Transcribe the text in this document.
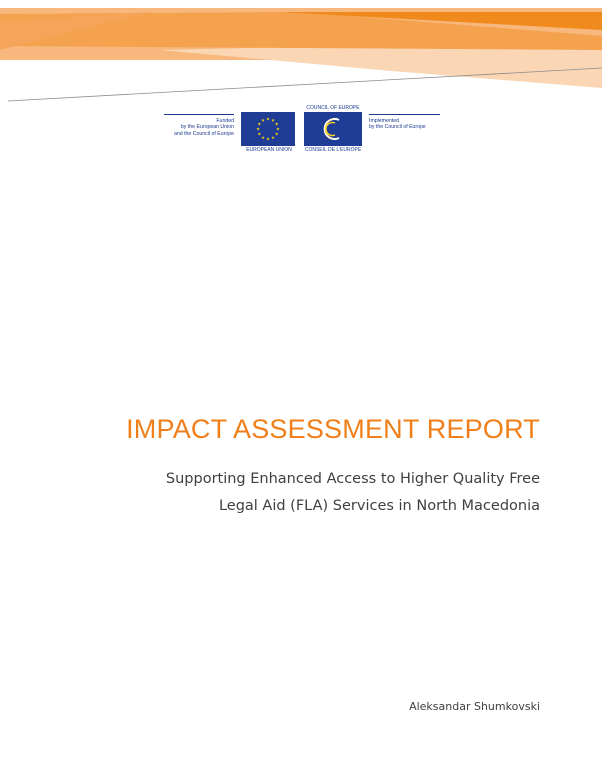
Funded
by the European Union
and the Council of Europe
EUROPEAN UNION
COUNCIL OF EUROPE
CONSEIL DE L'EUROPE
Implemented
by the Council of Europe
IMPACT ASSESSMENT REPORT
Supporting Enhanced Access to Higher Quality Free
Legal Aid (FLA) Services in North Macedonia
Aleksandar Shumkovski
